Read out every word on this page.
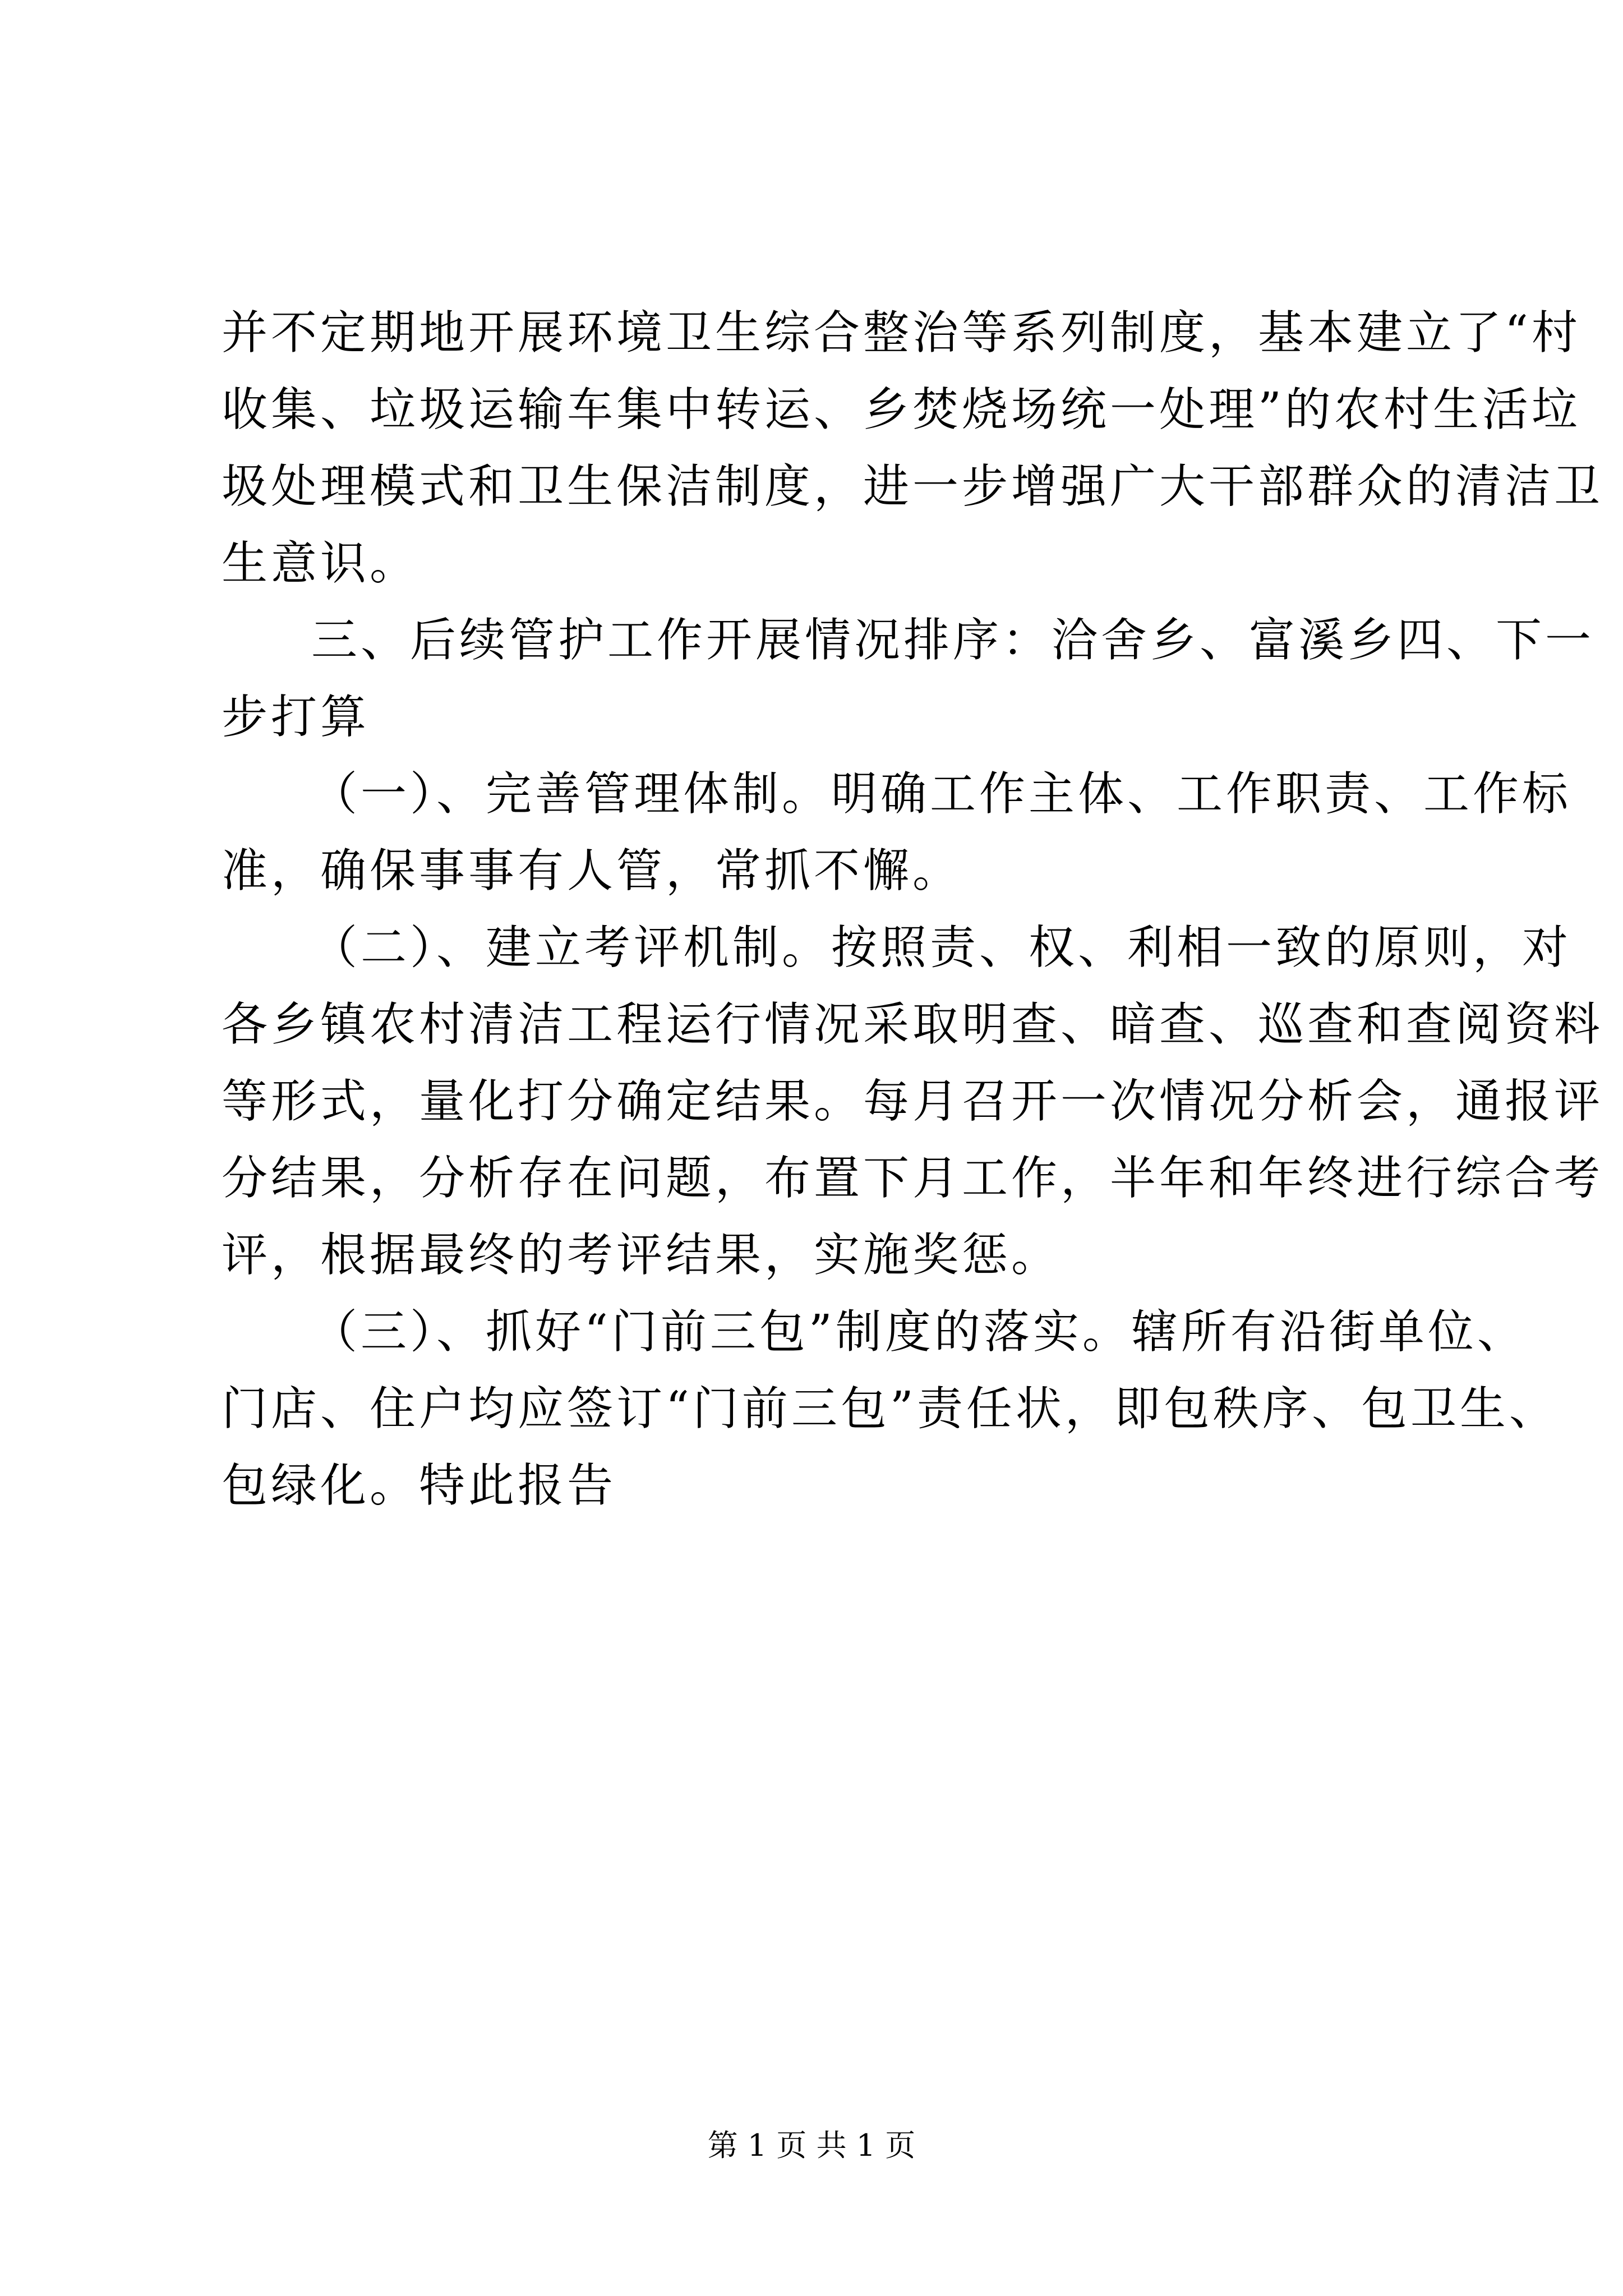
并不定期地开展环境卫生综合整治等系列制度，基本建立了“村
收集、垃圾运输车集中转运、乡焚烧场统一处理”的农村生活垃
圾处理模式和卫生保洁制度，进一步增强广大干部群众的清洁卫
生意识。
三、后续管护工作开展情况排序：洽舍乡、富溪乡四、下一
步打算
（一）、完善管理体制。明确工作主体、工作职责、工作标
准，确保事事有人管，常抓不懈。
（二）、建立考评机制。按照责、权、利相一致的原则，对
各乡镇农村清洁工程运行情况采取明查、暗查、巡查和查阅资料
等形式，量化打分确定结果。每月召开一次情况分析会，通报评
分结果，分析存在问题，布置下月工作，半年和年终进行综合考
评，根据最终的考评结果，实施奖惩。
（三）、抓好“门前三包”制度的落实。辖所有沿街单位、
门店、住户均应签订“门前三包”责任状，即包秩序、包卫生、
包绿化。特此报告
第 1 页 共 1 页
